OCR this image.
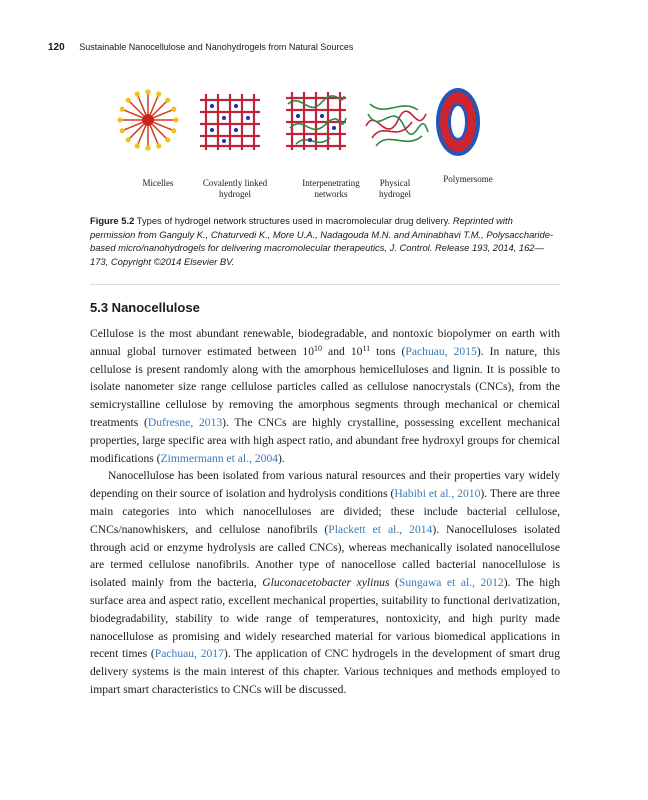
120 Sustainable Nanocellulose and Nanohydrogels from Natural Sources
Micelles	Covalently linked
hydrogel
Interpenetrating
networks
Physical
hydrogel
Polymersome
Figure 5.2 Types of hydrogel network structures used in macromolecular drug delivery. Reprinted with permission from Ganguly K., Chaturvedi K., More U.A., Nadagouda M.N. and Aminabhavi T.M., Polysaccharide-based micro/nanohydrogels for delivering macromolecular therapeutics, J. Control. Release 193, 2014, 162—173, Copyright ©2014 Elsevier BV.
5.3 Nanocellulose

Cellulose is the most abundant renewable, biodegradable, and nontoxic biopolymer on earth with annual global turnover estimated between $10^{10}$ and $10^{11}$ tons (Pachuau, 2015). In nature, this cellulose is present randomly along with the amorphous hemicelluloses and lignin. It is possible to isolate nanometer size range cellulose particles called as cellulose nanocrystals (CNCs), from the semicrystalline cellulose by removing the amorphous segments through mechanical or chemical treatments (Dufresne, 2013). The CNCs are highly crystalline, possessing excellent mechanical properties, large specific area with high aspect ratio, and abundant free hydroxyl groups for chemical modifications (Zimmermann et al., 2004).

Nanocellulose has been isolated from various natural resources and their properties vary widely depending on their source of isolation and hydrolysis conditions (Habibi et al., 2010). There are three main categories into which nanocelluloses are divided; these include bacterial cellulose, CNCs/nanowhiskers, and cellulose nanofibrils (Plackett et al., 2014). Nanocelluloses isolated through acid or enzyme hydrolysis are called CNCs), whereas mechanically isolated nanocellulose are termed cellulose nanofibrils. Another type of nanocellose called bacterial nanocellulose is isolated mainly from the bacteria, Gluconacetobacter xylinus (Sungawa et al., 2012). The high surface area and aspect ratio, excellent mechanical properties, suitability to functional derivatization, biodegradability, stability to wide range of temperatures, nontoxicity, and high purity made nanocellulose as promising and widely researched material for various biomedical applications in recent times (Pachuau, 2017). The application of CNC hydrogels in the development of smart drug delivery systems is the main interest of this chapter. Various techniques and methods employed to impart smart characteristics to CNCs will be discussed.
